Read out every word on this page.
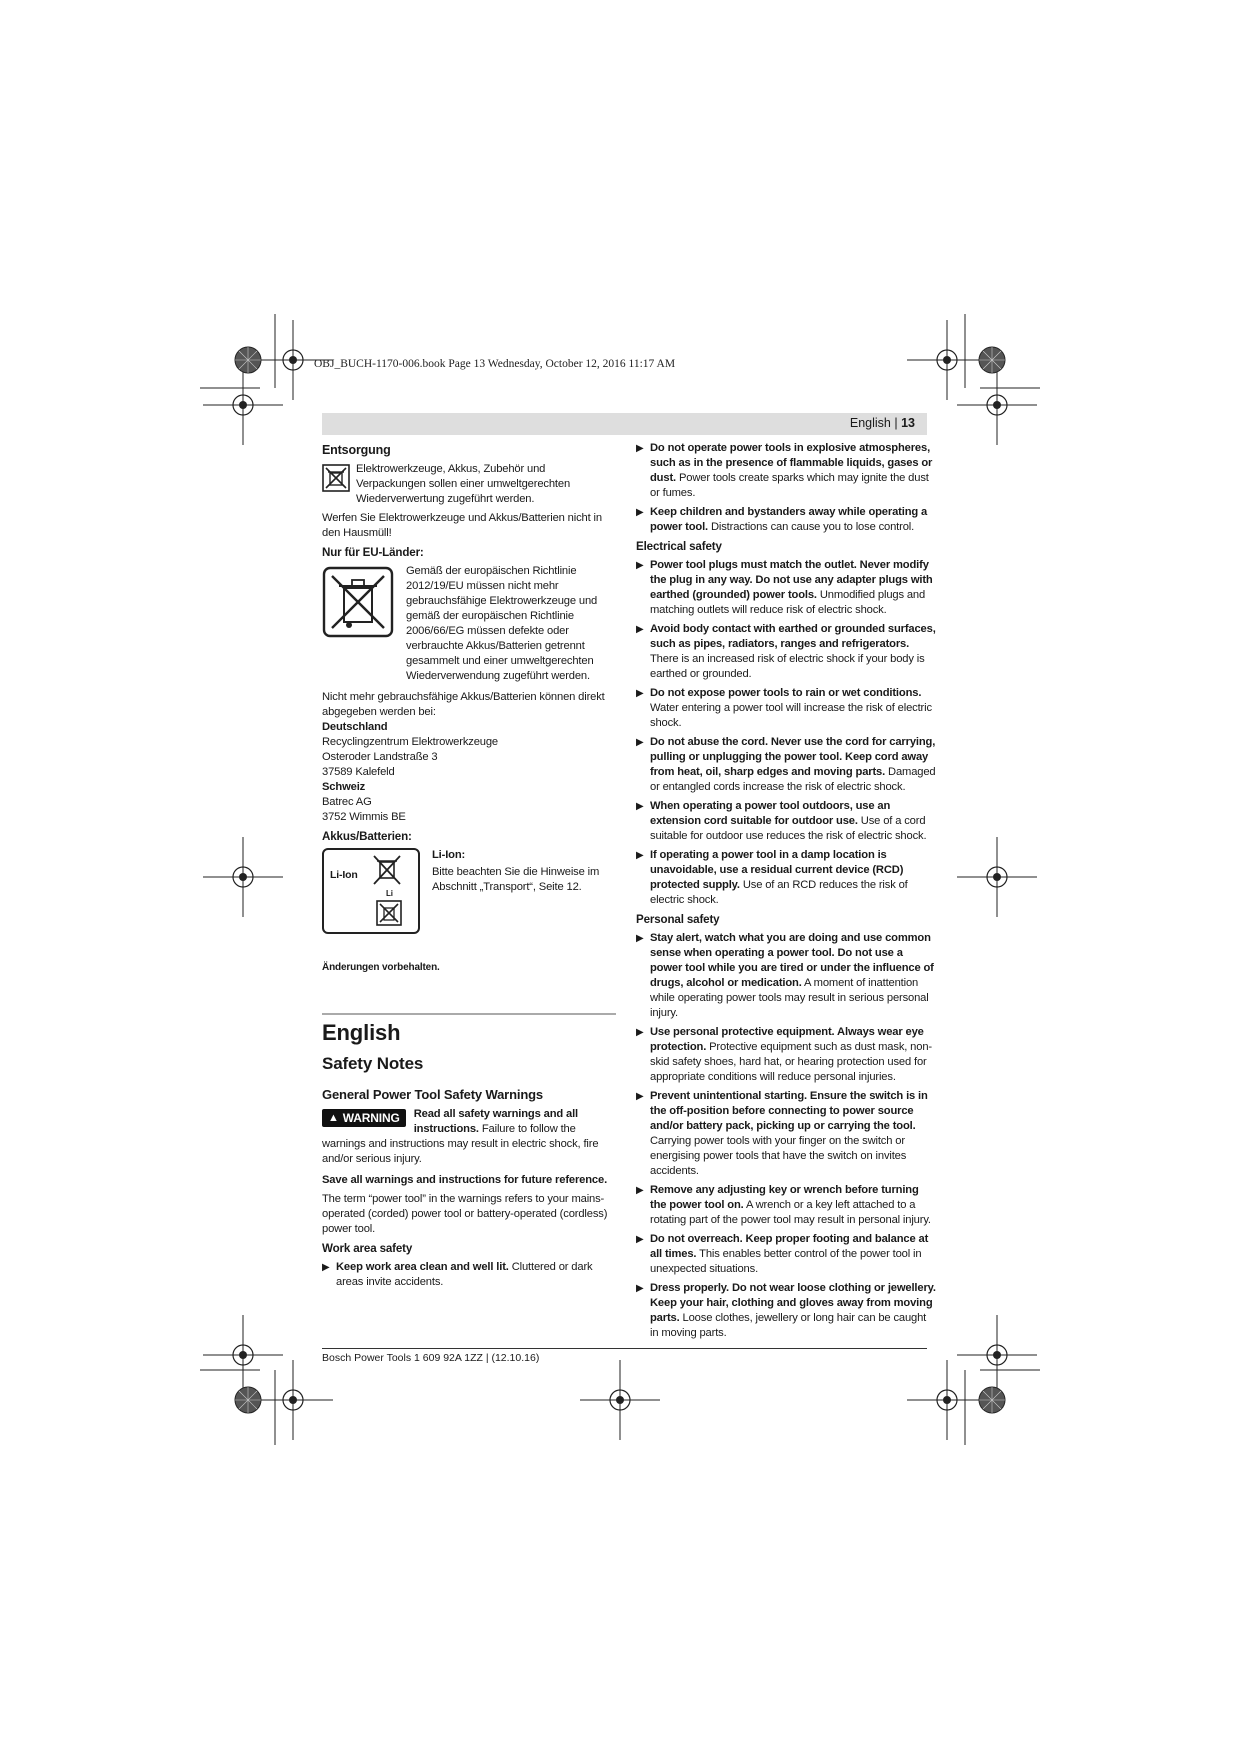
OBJ_BUCH-1170-006.book Page 13 Wednesday, October 12, 2016 11:17 AM
English | 13
Entsorgung

Elektrowerkzeuge, Akkus, Zubehör und Verpackungen sollen einer umweltgerechten Wiederverwertung zugeführt werden.

Werfen Sie Elektrowerkzeuge und Akkus/Batterien nicht in den Hausmüll!

Nur für EU-Länder:

Gemäß der europäischen Richtlinie 2012/19/EU müssen nicht mehr gebrauchsfähige Elektrowerkzeuge und gemäß der europäischen Richtlinie 2006/66/EG müssen defekte oder verbrauchte Akkus/Batterien getrennt gesammelt und einer umweltgerechten Wiederverwendung zugeführt werden.

Nicht mehr gebrauchsfähige Akkus/Batterien können direkt abgegeben werden bei:

Deutschland
Recyclingzentrum Elektrowerkzeuge
Osteroder Landstraße 3
37589 Kalefeld
Schweiz
Batrec AG
3752 Wimmis BE
Akkus/Batterien:
Li-Ion
Li
Li-Ion:

Bitte beachten Sie die Hinweise im Abschnitt „Transport“, Seite 12.

Änderungen vorbehalten.
English
Safety Notes
General Power Tool Safety Warnings

▲ WARNING Read all safety warnings and all instructions. Failure to follow the warnings and instructions may result in electric shock, fire and/or serious injury.

Save all warnings and instructions for future reference.

The term “power tool” in the warnings refers to your mains-operated (corded) power tool or battery-operated (cordless) power tool.

Work area safety
▶ Keep work area clean and well lit. Cluttered or dark areas invite accidents.
▶ Do not operate power tools in explosive atmospheres, such as in the presence of flammable liquids, gases or dust. Power tools create sparks which may ignite the dust or fumes.
▶ Keep children and bystanders away while operating a power tool. Distractions can cause you to lose control.
Electrical safety
▶ Power tool plugs must match the outlet. Never modify the plug in any way. Do not use any adapter plugs with earthed (grounded) power tools. Unmodified plugs and matching outlets will reduce risk of electric shock.
▶ Avoid body contact with earthed or grounded surfaces, such as pipes, radiators, ranges and refrigerators. There is an increased risk of electric shock if your body is earthed or grounded.
▶ Do not expose power tools to rain or wet conditions. Water entering a power tool will increase the risk of electric shock.
▶ Do not abuse the cord. Never use the cord for carrying, pulling or unplugging the power tool. Keep cord away from heat, oil, sharp edges and moving parts. Damaged or entangled cords increase the risk of electric shock.
▶ When operating a power tool outdoors, use an extension cord suitable for outdoor use. Use of a cord suitable for outdoor use reduces the risk of electric shock.
▶ If operating a power tool in a damp location is unavoidable, use a residual current device (RCD) protected supply. Use of an RCD reduces the risk of electric shock.
Personal safety
▶ Stay alert, watch what you are doing and use common sense when operating a power tool. Do not use a power tool while you are tired or under the influence of drugs, alcohol or medication. A moment of inattention while operating power tools may result in serious personal injury.
▶ Use personal protective equipment. Always wear eye protection. Protective equipment such as dust mask, non-skid safety shoes, hard hat, or hearing protection used for appropriate conditions will reduce personal injuries.
▶ Prevent unintentional starting. Ensure the switch is in the off-position before connecting to power source and/or battery pack, picking up or carrying the tool. Carrying power tools with your finger on the switch or energising power tools that have the switch on invites accidents.
▶ Remove any adjusting key or wrench before turning the power tool on. A wrench or a key left attached to a rotating part of the power tool may result in personal injury.
▶ Do not overreach. Keep proper footing and balance at all times. This enables better control of the power tool in unexpected situations.
▶ Dress properly. Do not wear loose clothing or jewellery. Keep your hair, clothing and gloves away from moving parts. Loose clothes, jewellery or long hair can be caught in moving parts.
Bosch Power Tools 1 609 92A 1ZZ | (12.10.16)
